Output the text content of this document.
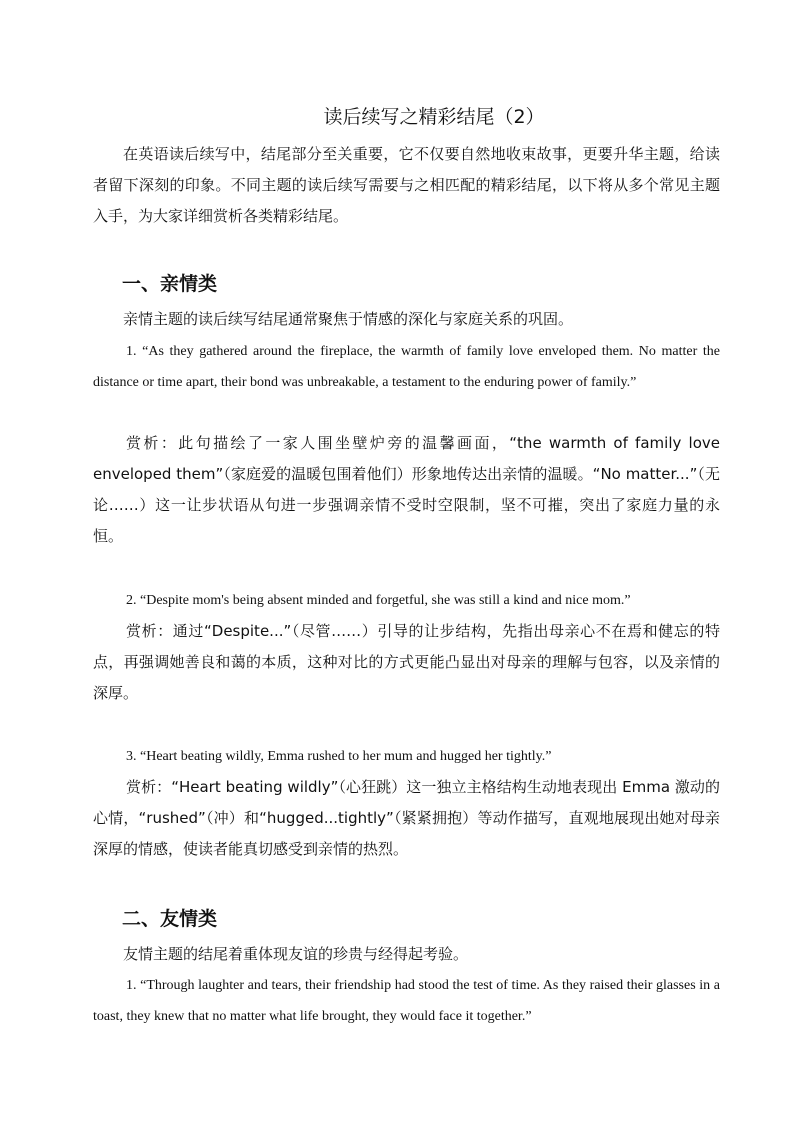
读后续写之精彩结尾（2）

在英语读后续写中，结尾部分至关重要，它不仅要自然地收束故事，更要升华主题，给读者留下深刻的印象。不同主题的读后续写需要与之相匹配的精彩结尾，以下将从多个常见主题入手，为大家详细赏析各类精彩结尾。

一、亲情类

亲情主题的读后续写结尾通常聚焦于情感的深化与家庭关系的巩固。

1. “As they gathered around the fireplace, the warmth of family love enveloped them. No matter the distance or time apart, their bond was unbreakable, a testament to the enduring power of family.”

赏析：此句描绘了一家人围坐壁炉旁的温馨画面，“the warmth of family love enveloped them”（家庭爱的温暖包围着他们）形象地传达出亲情的温暖。“No matter...”（无论……）这一让步状语从句进一步强调亲情不受时空限制，坚不可摧，突出了家庭力量的永恒。

2. “Despite mom's being absent minded and forgetful, she was still a kind and nice mom.”

赏析：通过“Despite...”（尽管……）引导的让步结构，先指出母亲心不在焉和健忘的特点，再强调她善良和蔼的本质，这种对比的方式更能凸显出对母亲的理解与包容，以及亲情的深厚。

3. “Heart beating wildly, Emma rushed to her mum and hugged her tightly.”

赏析：“Heart beating wildly”（心狂跳）这一独立主格结构生动地表现出 Emma 激动的心情，“rushed”（冲）和“hugged...tightly”（紧紧拥抱）等动作描写，直观地展现出她对母亲深厚的情感，使读者能真切感受到亲情的热烈。

二、友情类

友情主题的结尾着重体现友谊的珍贵与经得起考验。

1. “Through laughter and tears, their friendship had stood the test of time. As they raised their glasses in a toast, they knew that no matter what life brought, they would face it together.”
